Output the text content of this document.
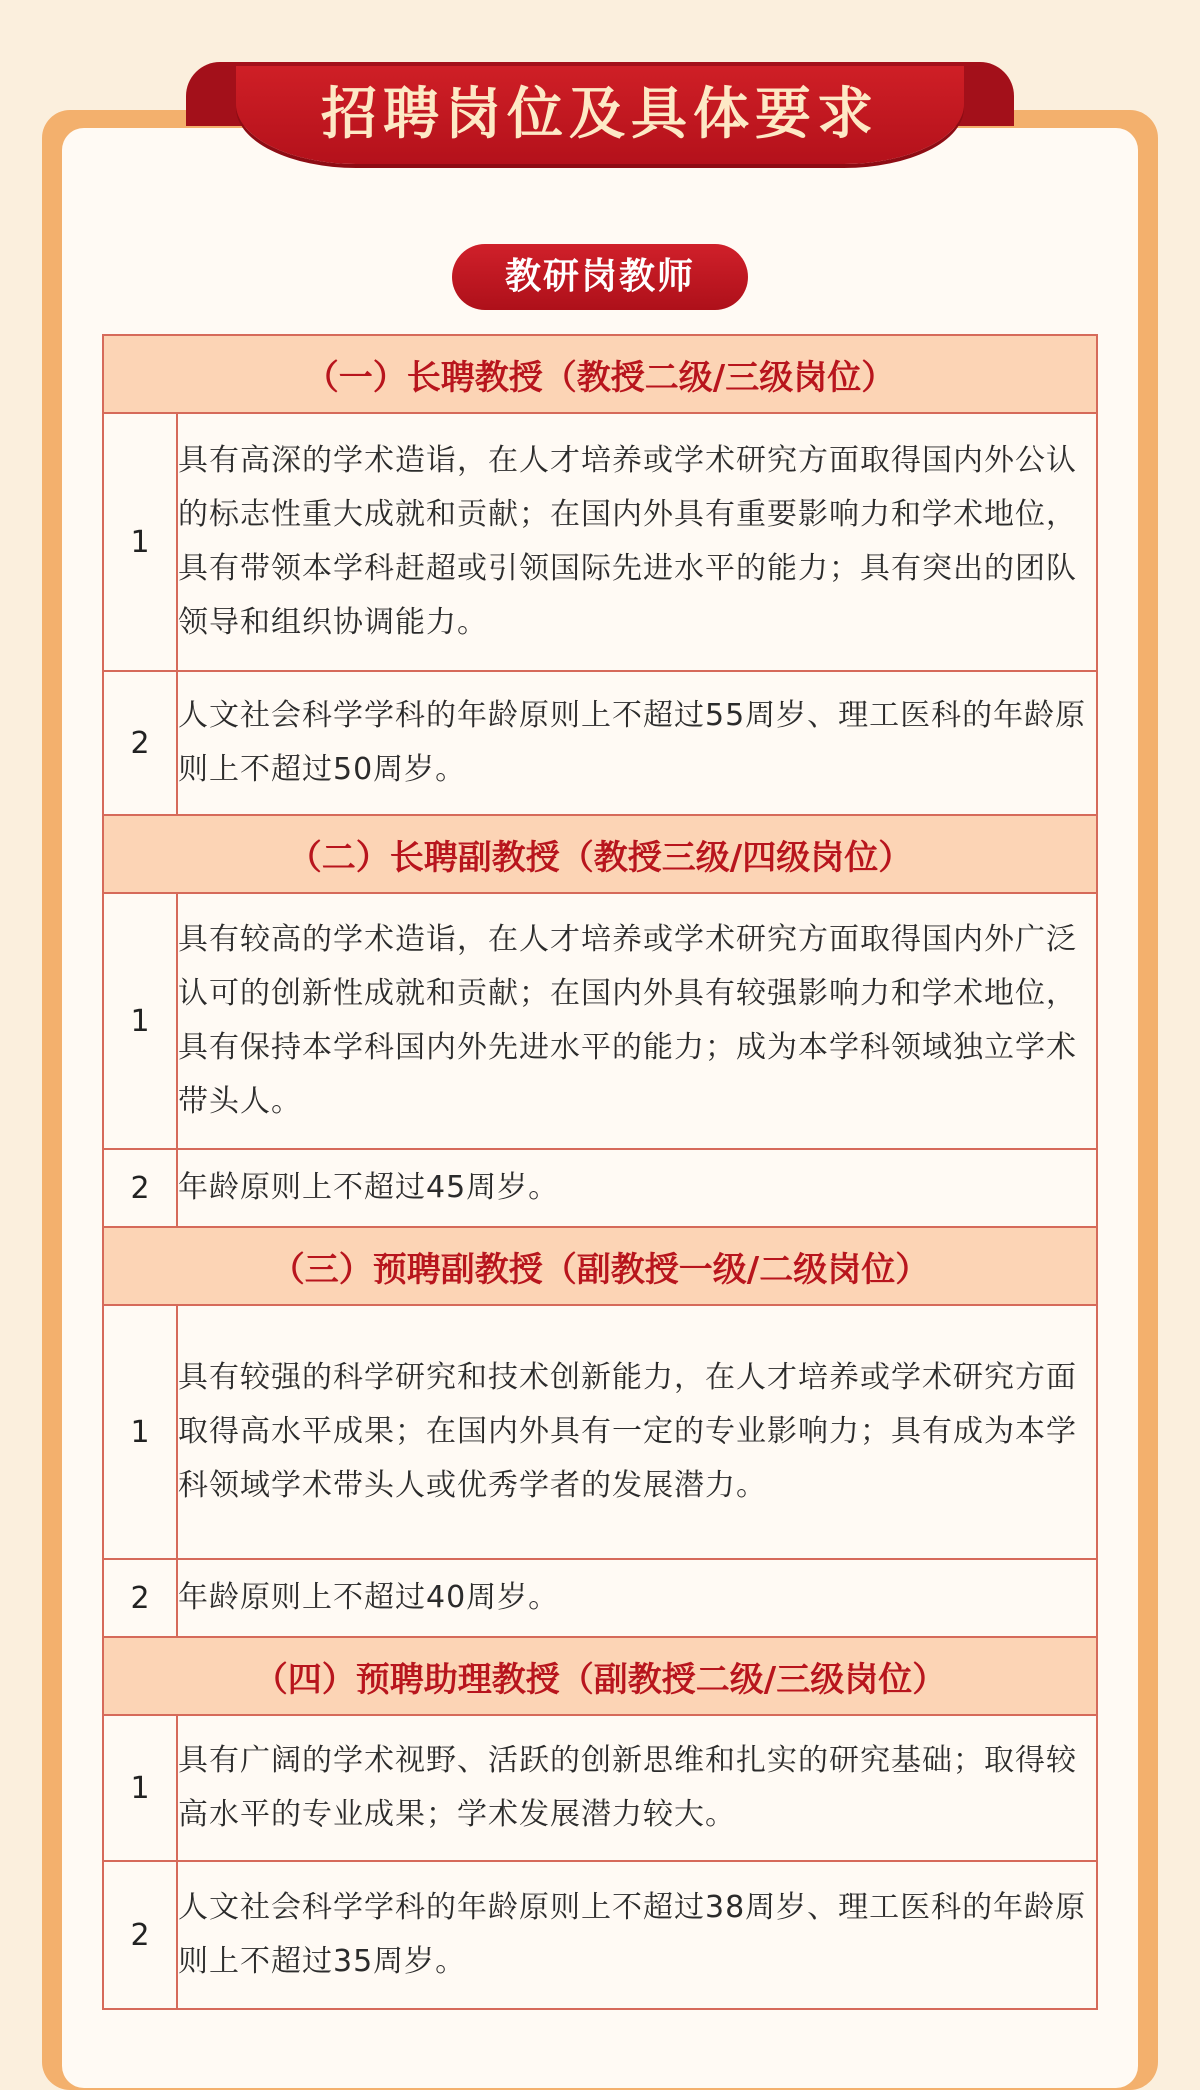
招聘岗位及具体要求
教研岗教师
（一）长聘教授（教授二级/三级岗位）	
1	具有高深的学术造诣，在人才培养或学术研究方面取得国内外公认的标志性重大成就和贡献；在国内外具有重要影响力和学术地位，具有带领本学科赶超或引领国际先进水平的能力；具有突出的团队领导和组织协调能力。
2	人文社会科学学科的年龄原则上不超过55周岁、理工医科的年龄原则上不超过50周岁。
（二）长聘副教授（教授三级/四级岗位）	
1	具有较高的学术造诣，在人才培养或学术研究方面取得国内外广泛认可的创新性成就和贡献；在国内外具有较强影响力和学术地位，具有保持本学科国内外先进水平的能力；成为本学科领域独立学术带头人。
2	年龄原则上不超过45周岁。
（三）预聘副教授（副教授一级/二级岗位）	
1	具有较强的科学研究和技术创新能力，在人才培养或学术研究方面取得高水平成果；在国内外具有一定的专业影响力；具有成为本学科领域学术带头人或优秀学者的发展潜力。
2	年龄原则上不超过40周岁。
（四）预聘助理教授（副教授二级/三级岗位）	
1	具有广阔的学术视野、活跃的创新思维和扎实的研究基础；取得较高水平的专业成果；学术发展潜力较大。
2	人文社会科学学科的年龄原则上不超过38周岁、理工医科的年龄原则上不超过35周岁。
